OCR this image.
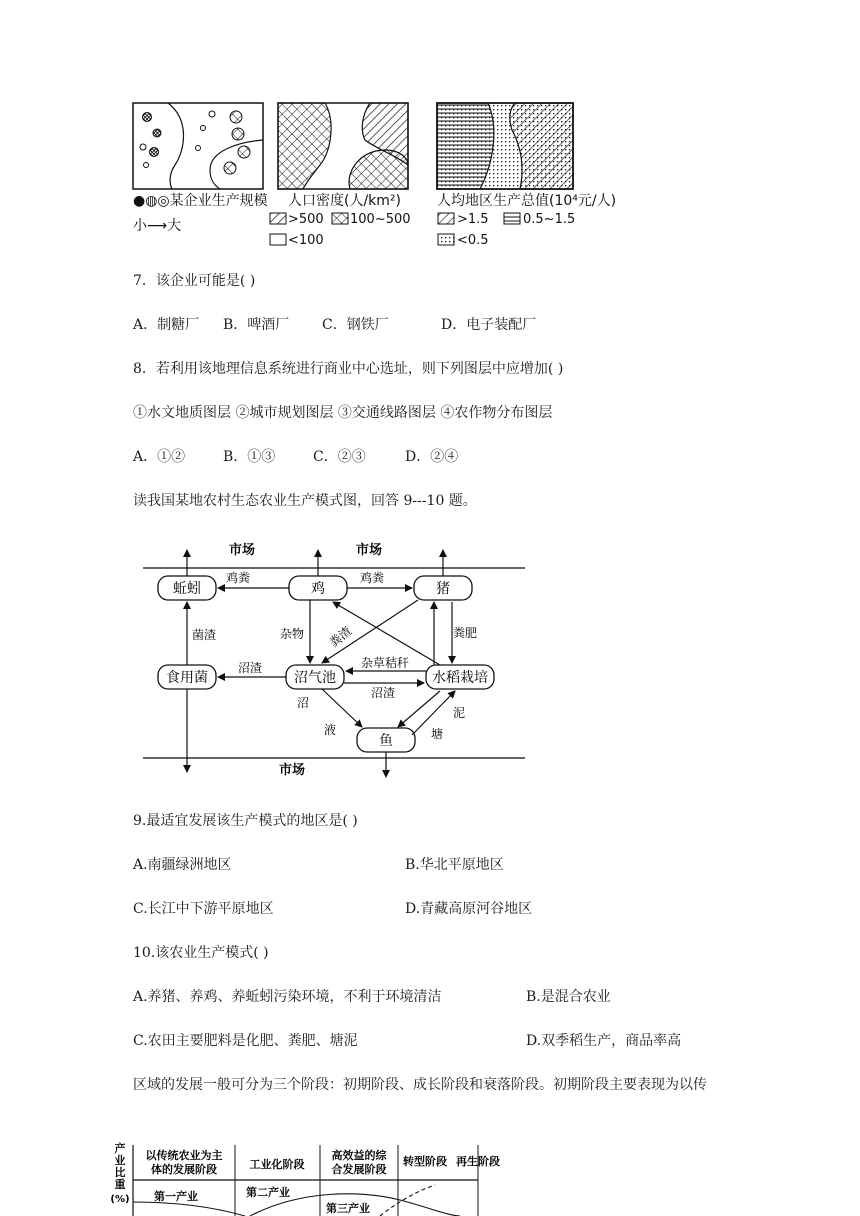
●◍◎某企业生产规模
小⟶大
人口密度(人/km²)
>500 100~500
<100
人均地区生产总值(10⁴元/人)
>1.5	0.5~1.5
<0.5
7．该企业可能是( )
A．制糖厂 B．啤酒厂 C．钢铁厂	D．电子装配厂
8．若利用该地理信息系统进行商业中心选址，则下列图层中应增加( )
①水文地质图层 ②城市规划图层 ③交通线路图层 ④农作物分布图层
A．①②	B．①③	C．②③	D．②④
读我国某地农村生态农业生产模式图，回答 9---10 题。
蚯蚓	鸡	猪
食用菌	沼气池	水稻栽培
鱼
市场	市场
市场
鸡粪	鸡粪
菌渣	杂物 粪渣	粪肥
沼渣	杂草秸秆
沼渣
沼
液
泥
塘
9.最适宜发展该生产模式的地区是( )
A.南疆绿洲地区	B.华北平原地区
C.长江中下游平原地区	D.青藏高原河谷地区
10.该农业生产模式( )
A.养猪、养鸡、养蚯蚓污染环境，不利于环境清洁	B.是混合农业
C.农田主要肥料是化肥、粪肥、塘泥	D.双季稻生产，商品率高
区域的发展一般可分为三个阶段：初期阶段、成长阶段和衰落阶段。初期阶段主要表现为以传
产
业
比
重
(%)
以传统农业为主
体的发展阶段	工业化阶段
高效益的综
合发展阶段
转型阶段 再生阶段
第一产业	第二产业
第三产业
